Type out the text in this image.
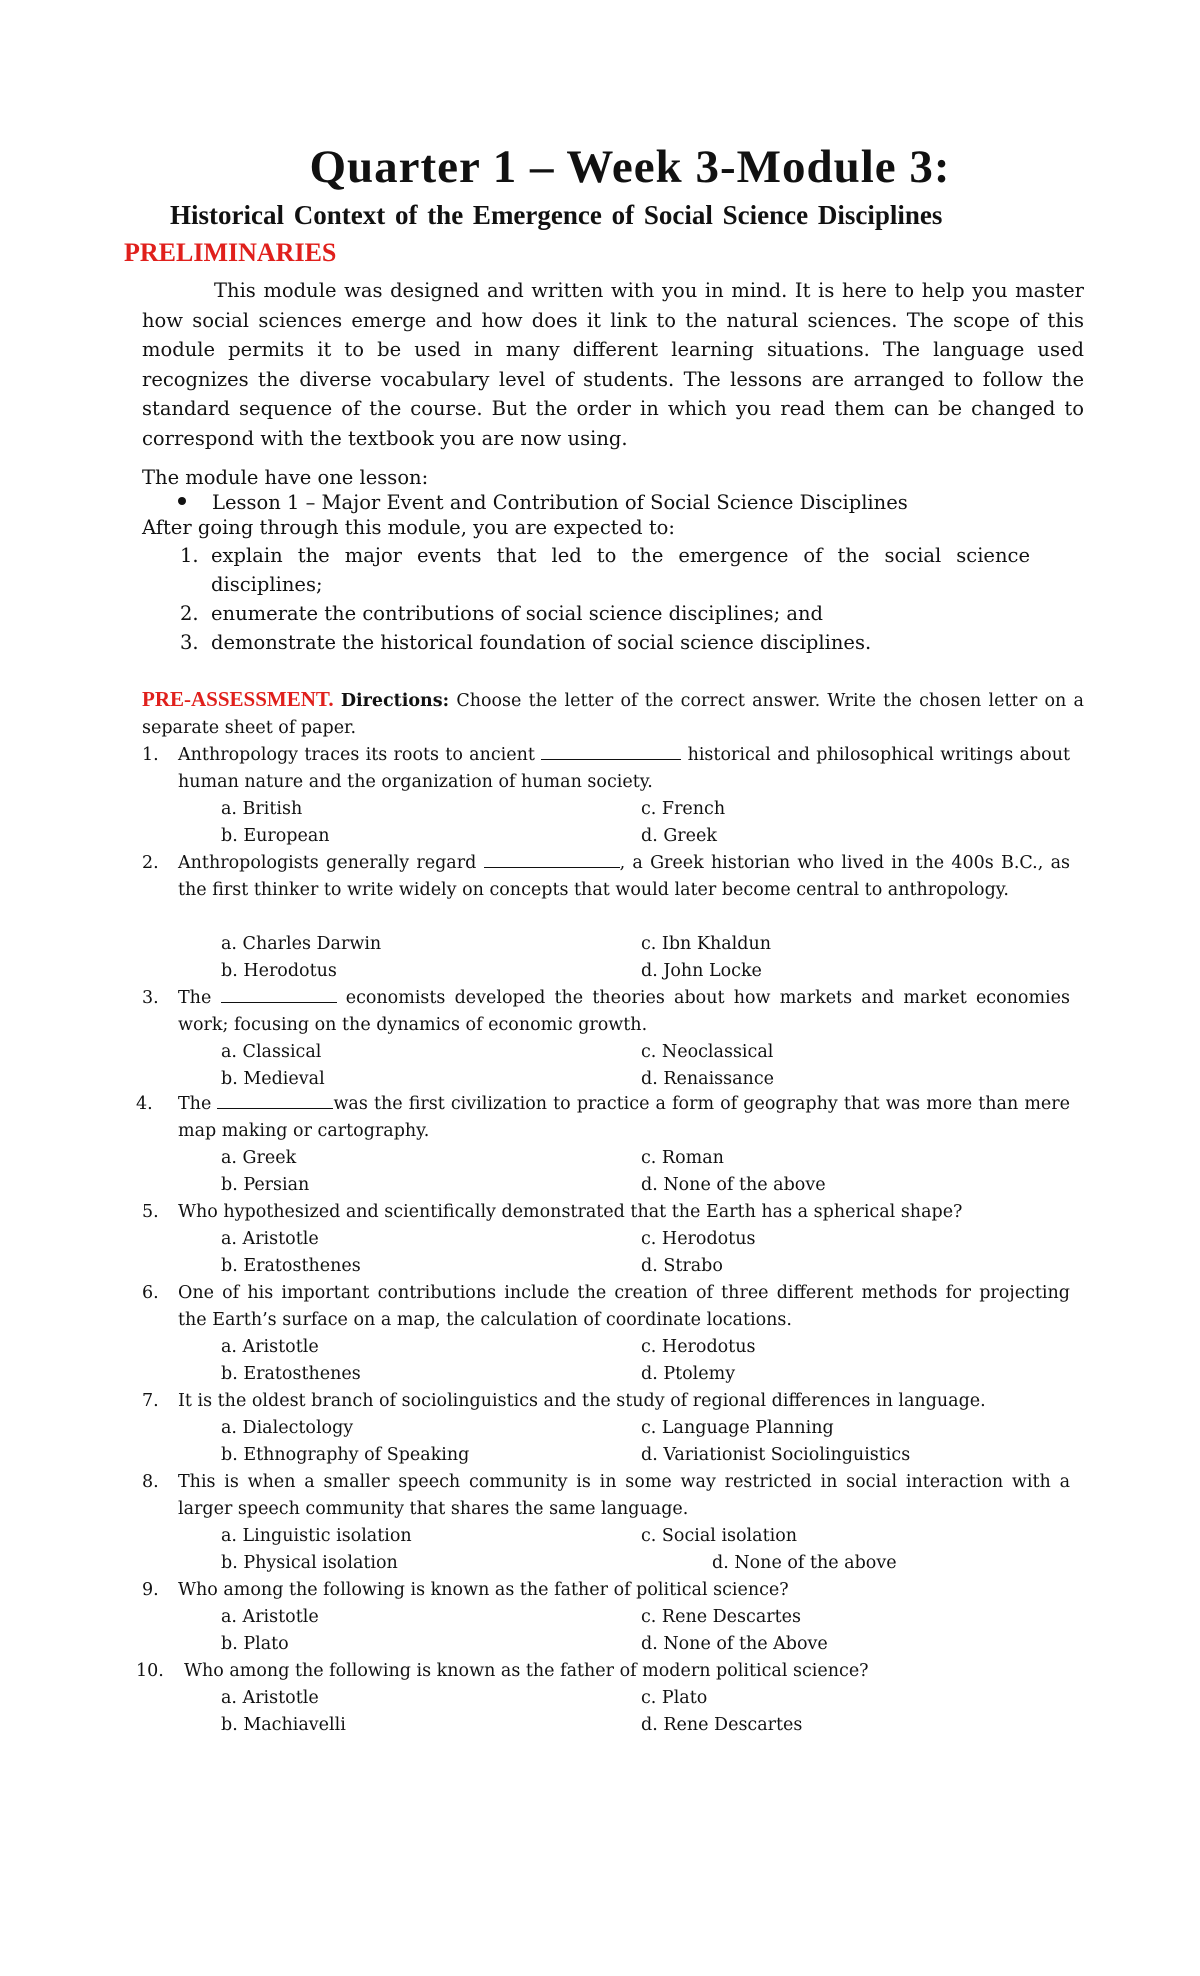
Quarter 1 – Week 3-Module 3:
Historical Context of the Emergence of Social Science Disciplines
PRELIMINARIES

This module was designed and written with you in mind. It is here to help you master how social sciences emerge and how does it link to the natural sciences. The scope of this module permits it to be used in many different learning situations. The language used recognizes the diverse vocabulary level of students. The lessons are arranged to follow the standard sequence of the course. But the order in which you read them can be changed to correspond with the textbook you are now using.

The module have one lesson:

Lesson 1 – Major Event and Contribution of Social Science Disciplines

After going through this module, you are expected to:

1. explain the major events that led to the emergence of the social science disciplines;
2. enumerate the contributions of social science disciplines; and
3. demonstrate the historical foundation of social science disciplines.

PRE-ASSESSMENT. Directions: Choose the letter of the correct answer. Write the chosen letter on a separate sheet of paper.

1. Anthropology traces its roots to ancient	historical and philosophical writings about human nature and the organization of human society.
a. British
b. European
c. French
d. Greek
2. Anthropologists generally regard	, a Greek historian who lived in the 400s B.C., as the first thinker to write widely on concepts that would later become central to anthropology.
a. Charles Darwin
b. Herodotus
c. Ibn Khaldun
d. John Locke
3. The	economists developed the theories about how markets and market economies work; focusing on the dynamics of economic growth.
a. Classical
b. Medieval
c. Neoclassical
d. Renaissance
4. The	was the first civilization to practice a form of geography that was more than mere map making or cartography.
a. Greek
b. Persian
c. Roman
d. None of the above
5. Who hypothesized and scientifically demonstrated that the Earth has a spherical shape?
a. Aristotle
b. Eratosthenes
c. Herodotus
d. Strabo
6. One of his important contributions include the creation of three different methods for projecting the Earth’s surface on a map, the calculation of coordinate locations.
a. Aristotle
b. Eratosthenes
c. Herodotus
d. Ptolemy
7. It is the oldest branch of sociolinguistics and the study of regional differences in language.
a. Dialectology
b. Ethnography of Speaking
c. Language Planning
d. Variationist Sociolinguistics
8. This is when a smaller speech community is in some way restricted in social interaction with a larger speech community that shares the same language.
a. Linguistic isolation
b. Physical isolation
c. Social isolation
d. None of the above
9. Who among the following is known as the father of political science?
a. Aristotle
b. Plato
c. Rene Descartes
d. None of the Above
10. Who among the following is known as the father of modern political science?
a. Aristotle
b. Machiavelli
c. Plato
d. Rene Descartes
